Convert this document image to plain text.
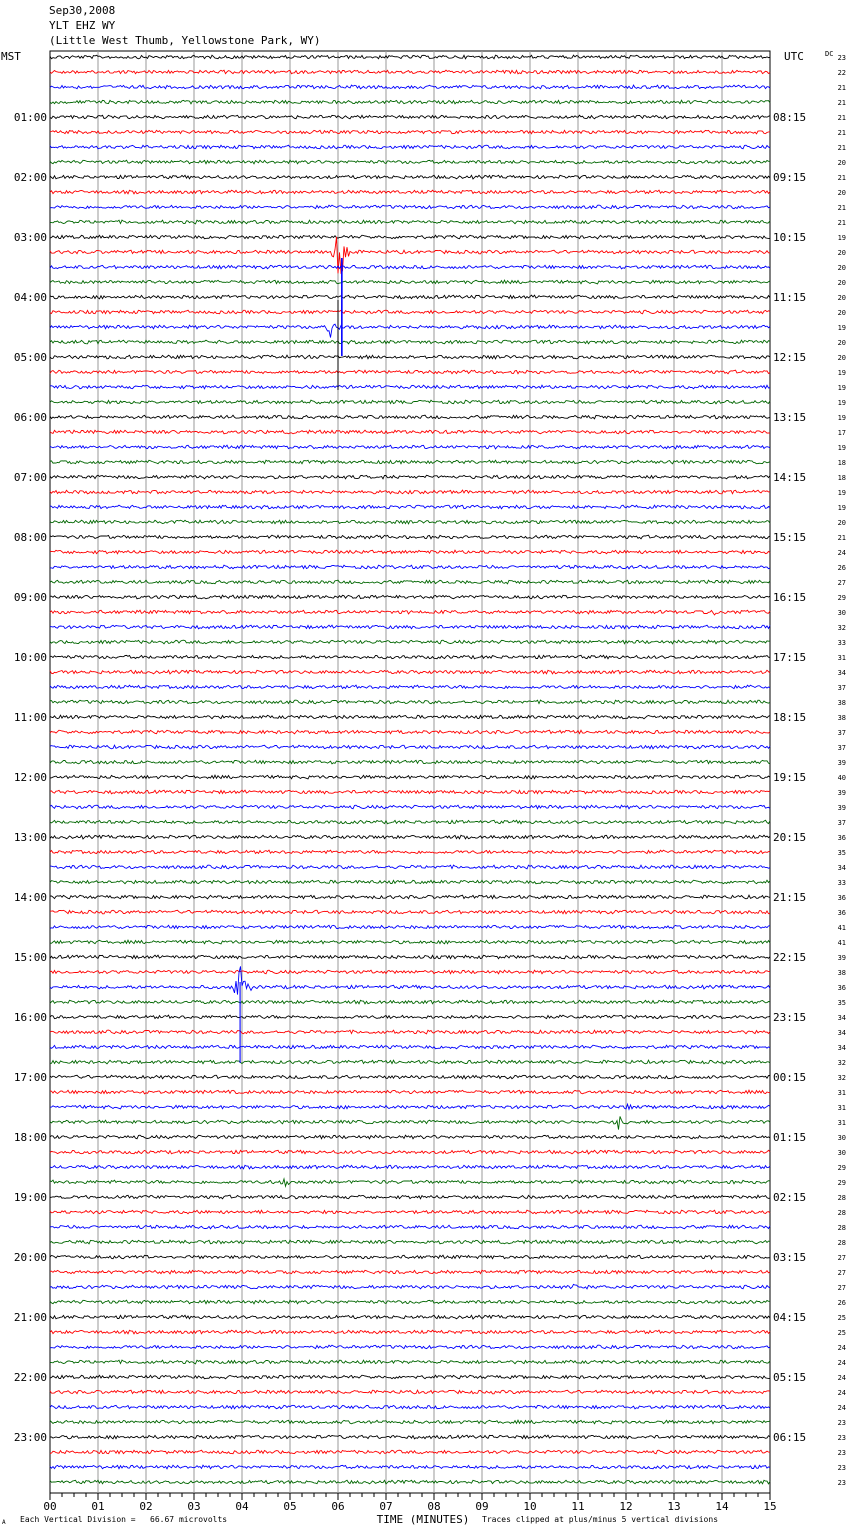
Sep30,2008
YLT EHZ WY
(Little West Thumb, Yellowstone Park, WY)
00	01	02	03	04	05	06	07	08	09	10	11	12	13	14	15
TIME (MINUTES)
MST	UTC	DC 23
22
21
21
21
21
21
20
21
20
21
21
19
20
20
20
20
20
19
20
20
19
19
19
19
17
19
18
18
19
19
20
21
24
26
27
29
30
32
33
31
34
37
38
38
37
37
39
40
39
39
37
36
35
34
33
36
36
41
41
39
38
36
35
34
34
34
32
32
31
31
31
30
30
29
29
28
28
28
28
27
27
27
26
25
25
24
24
24
24
24
23
23
23
23
23
01:00	08:15
02:00	09:15
03:00	10:15
04:00	11:15
05:00	12:15
06:00	13:15
07:00	14:15
08:00	15:15
09:00	16:15
10:00	17:15
11:00	18:15
12:00	19:15
13:00	20:15
14:00	21:15
15:00	22:15
16:00	23:15
17:00	00:15
18:00	01:15
19:00	02:15
20:00	03:15
21:00	04:15
22:00	05:15
23:00	06:15
A Each Vertical Division =   66.67 microvolts	Traces clipped at plus/minus 5 vertical divisions
